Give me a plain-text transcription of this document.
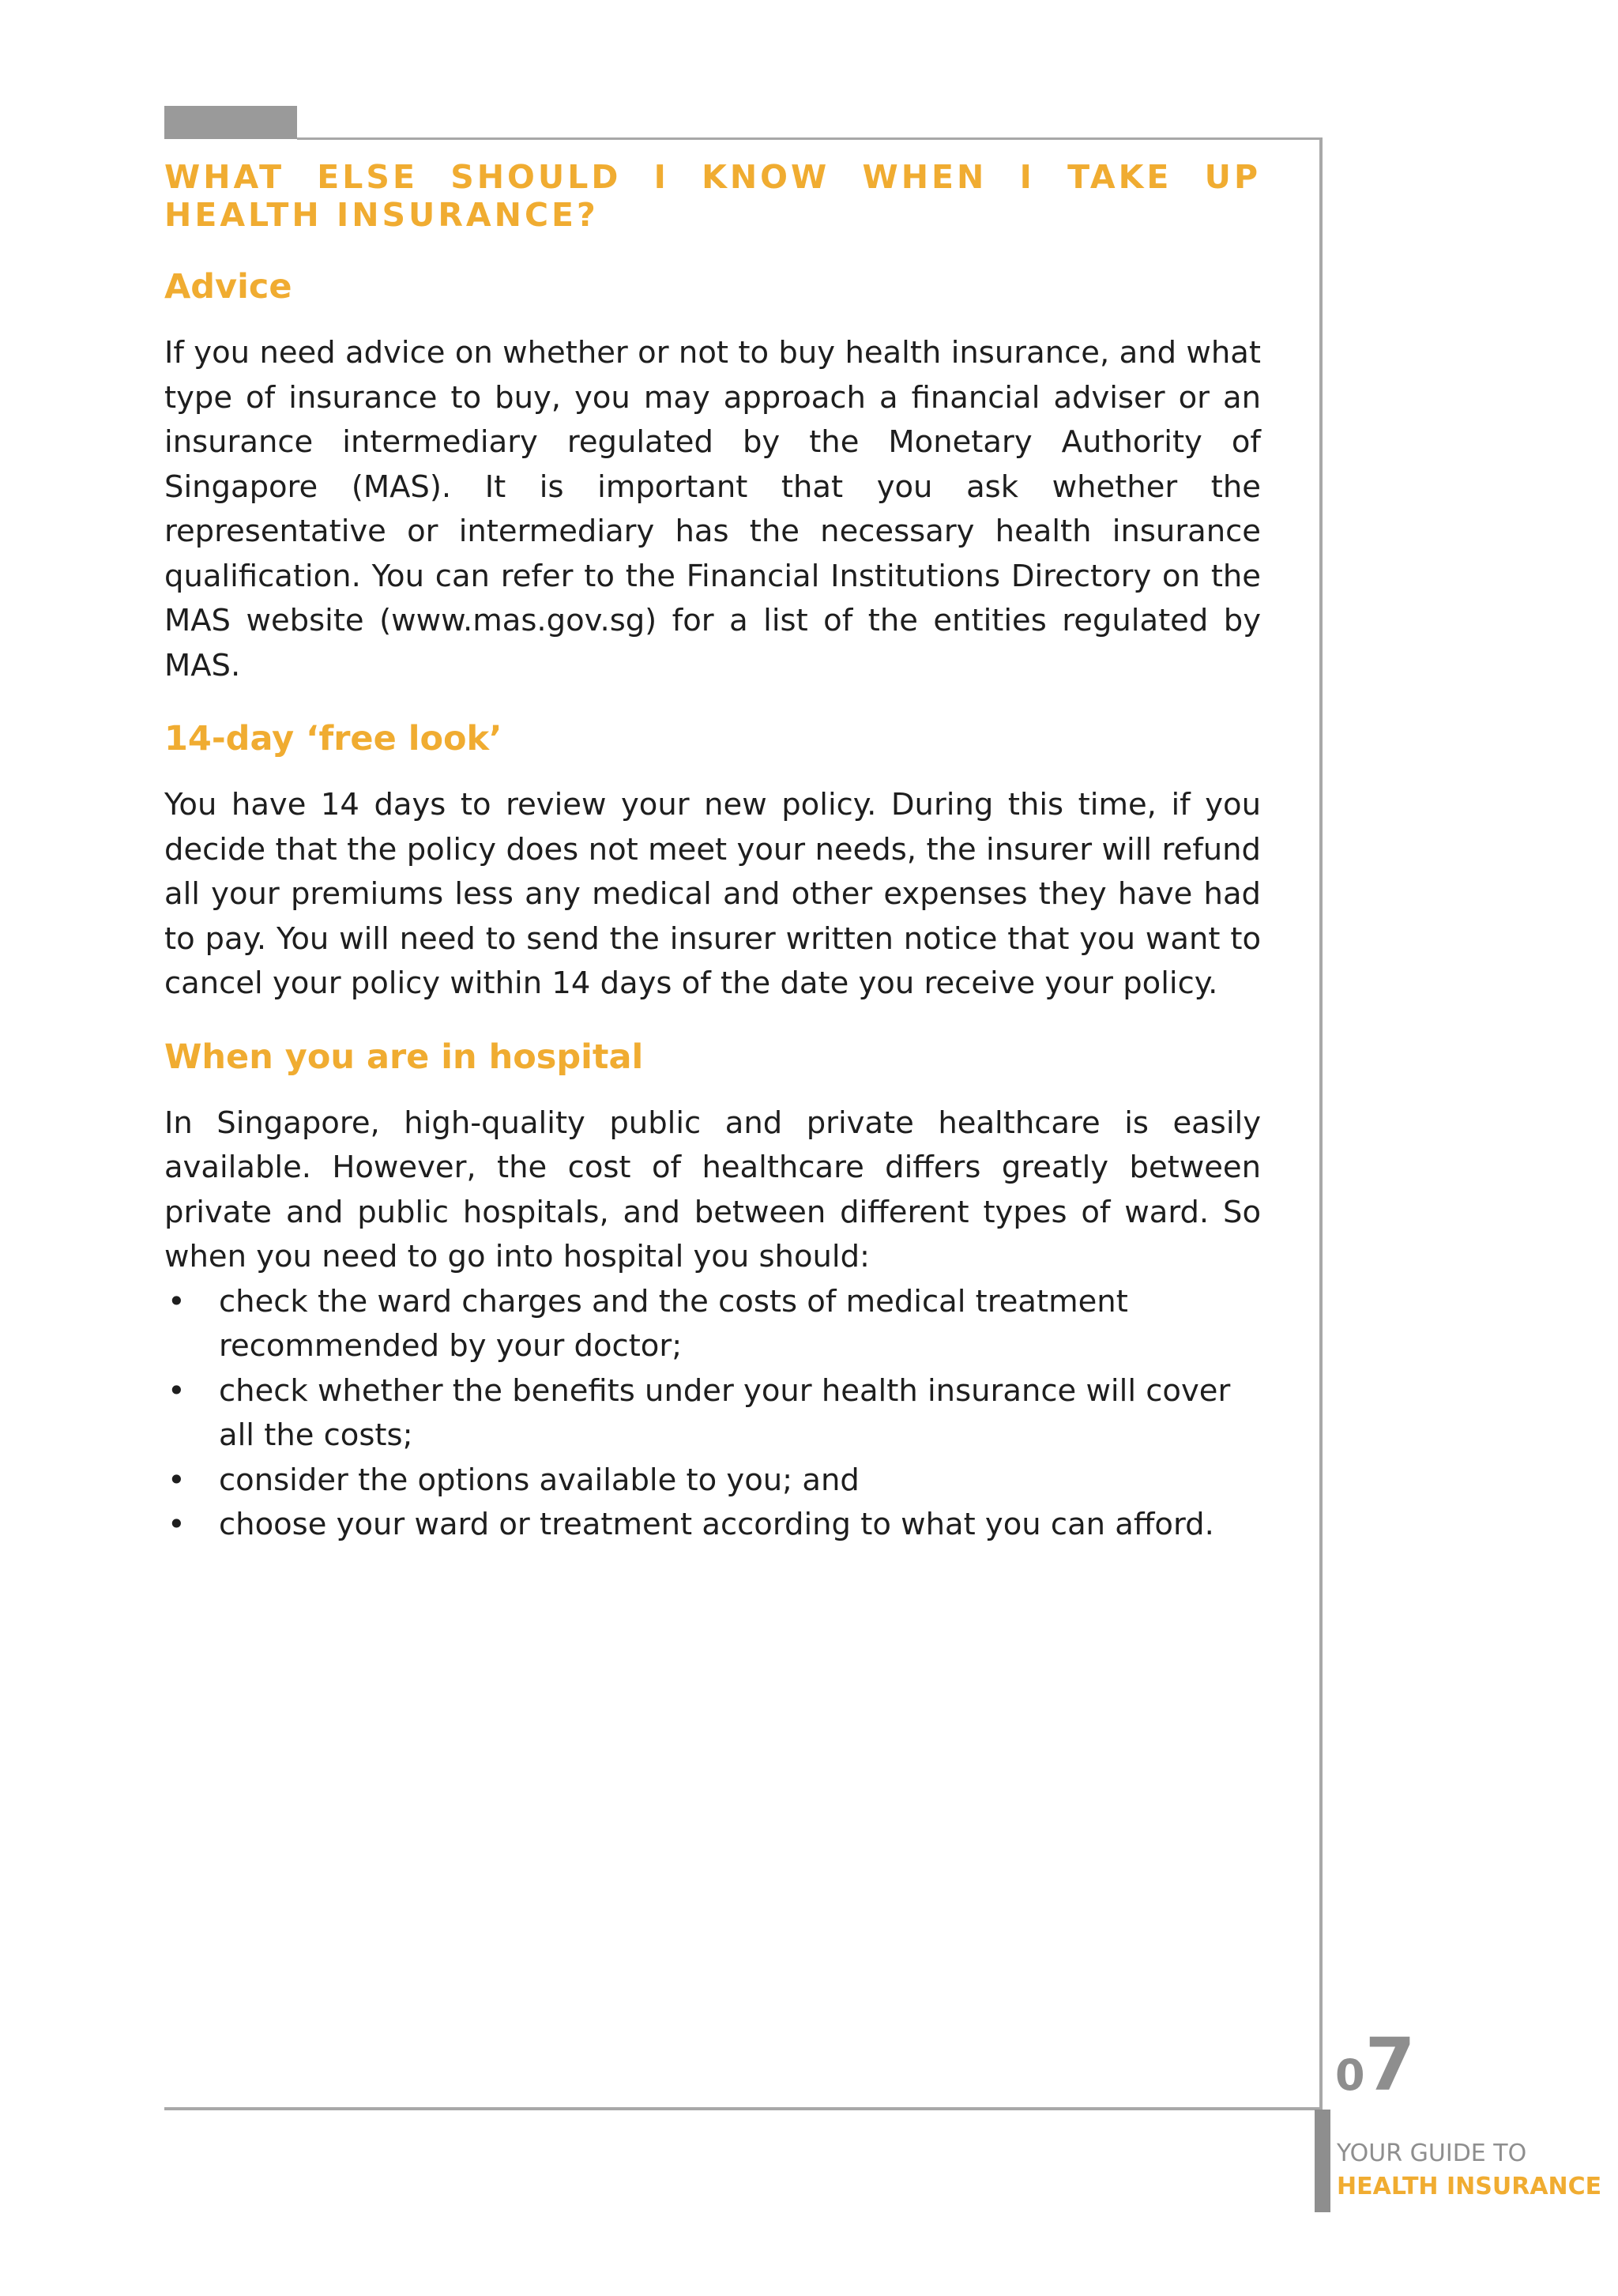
WHAT ELSE SHOULD I KNOW WHEN I TAKE UP HEALTH INSURANCE?
Advice

If you need advice on whether or not to buy health insurance, and what type of insurance to buy, you may approach a financial adviser or an insurance intermediary regulated by the Monetary Authority of Singapore (MAS). It is important that you ask whether the representative or intermediary has the necessary health insurance qualification. You can refer to the Financial Institutions Directory on the MAS website (www.mas.gov.sg) for a list of the entities regulated by MAS.

14-day ‘free look’

You have 14 days to review your new policy. During this time, if you decide that the policy does not meet your needs, the insurer will refund all your premiums less any medical and other expenses they have had to pay. You will need to send the insurer written notice that you want to cancel your policy within 14 days of the date you receive your policy.

When you are in hospital

In Singapore, high-quality public and private healthcare is easily available. However, the cost of healthcare differs greatly between private and public hospitals, and between different types of ward. So when you need to go into hospital you should:

• check the ward charges and the costs of medical treatment recommended by your doctor;
• check whether the benefits under your health insurance will cover all the costs;
• consider the options available to you; and
• choose your ward or treatment according to what you can afford.
07
YOUR GUIDE TO
HEALTH INSURANCE
